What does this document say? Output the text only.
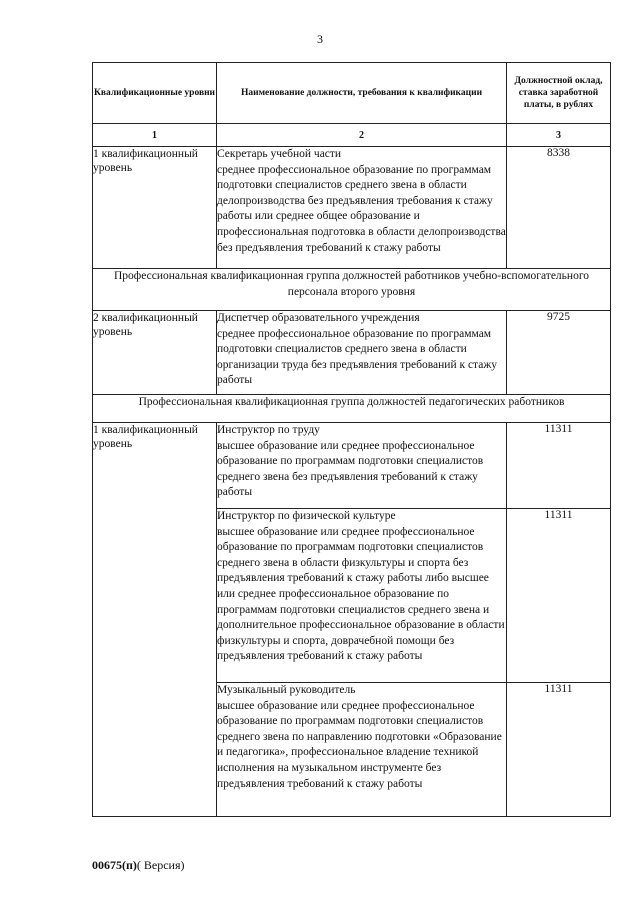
3
Квалификационные уровни	Наименование должности, требования к квалификации	Должностной оклад, ставка заработной платы, в рублях
1	2	3
1 квалификационный уровень	Секретарь учебной части
среднее профессиональное образование по программам подготовки специалистов среднего звена в области делопроизводства без предъявления требования к стажу работы или среднее общее образование и профессиональная подготовка в области делопроизводства без предъявления требований к стажу работы	8338
Профессиональная квалификационная группа должностей работников учебно-вспомогательного персонала второго уровня		
2 квалификационный уровень	Диспетчер образовательного учреждения
среднее профессиональное образование по программам подготовки специалистов среднего звена в области организации труда без предъявления требований к стажу работы	9725
Профессиональная квалификационная группа должностей педагогических работников		
1 квалификационный уровень	Инструктор по труду
высшее образование или среднее профессиональное образование по программам подготовки специалистов среднего звена без предъявления требований к стажу работы	11311

	Инструктор по физической культуре
высшее образование или среднее профессиональное образование по программам подготовки специалистов среднего звена в области физкультуры и спорта без предъявления требований к стажу работы либо высшее или среднее профессиональное образование по программам подготовки специалистов среднего звена и дополнительное профессиональное образование в области физкультуры и спорта, доврачебной помощи без предъявления требований к стажу работы	11311

	Музыкальный руководитель
высшее образование или среднее профессиональное образование по программам подготовки специалистов среднего звена по направлению подготовки «Образование и педагогика», профессиональное владение техникой исполнения на музыкальном инструменте без предъявления требований к стажу работы	11311
00675(п)( Версия)
